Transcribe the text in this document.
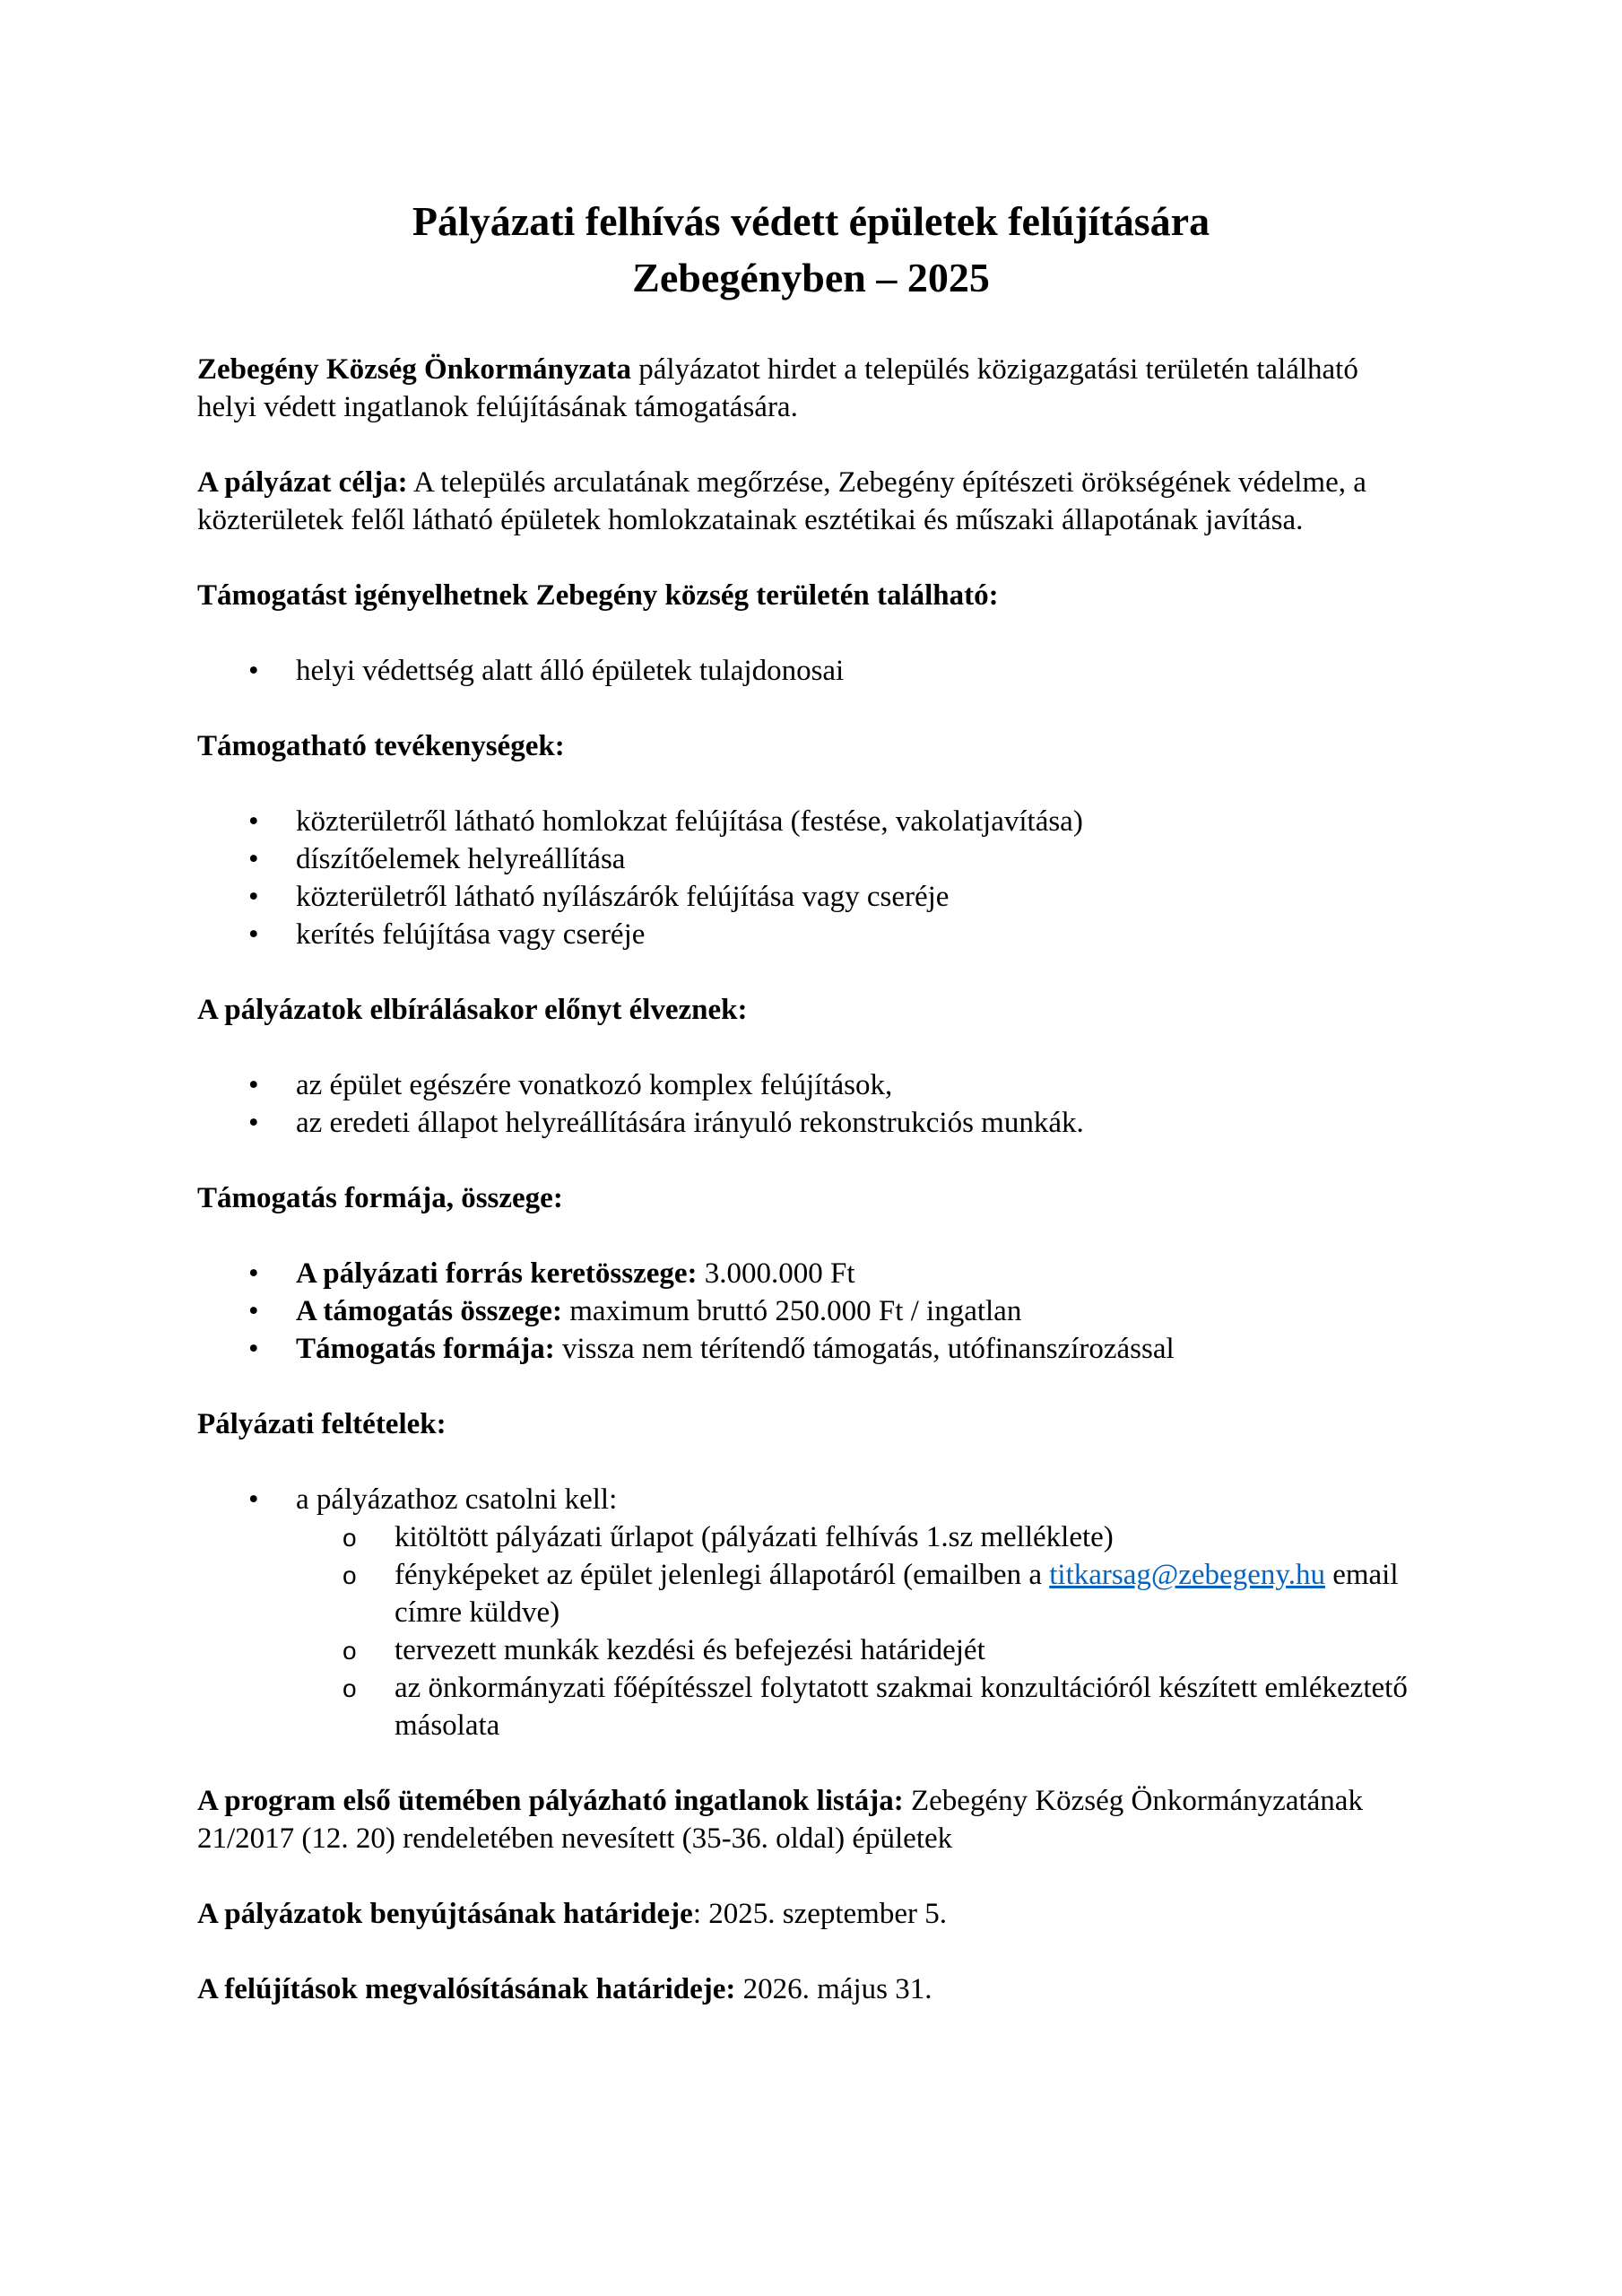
Pályázati felhívás védett épületek felújítására
Zebegényben – 2025

Zebegény Község Önkormányzata pályázatot hirdet a település közigazgatási területén található helyi védett ingatlanok felújításának támogatására.

A pályázat célja: A település arculatának megőrzése, Zebegény építészeti örökségének védelme, a közterületek felől látható épületek homlokzatainak esztétikai és műszaki állapotának javítása.

Támogatást igényelhetnek Zebegény község területén található:

• helyi védettség alatt álló épületek tulajdonosai

Támogatható tevékenységek:

• közterületről látható homlokzat felújítása (festése, vakolatjavítása)
• díszítőelemek helyreállítása
• közterületről látható nyílászárók felújítása vagy cseréje
• kerítés felújítása vagy cseréje

A pályázatok elbírálásakor előnyt élveznek:

• az épület egészére vonatkozó komplex felújítások,
• az eredeti állapot helyreállítására irányuló rekonstrukciós munkák.

Támogatás formája, összege:

• A pályázati forrás keretösszege: 3.000.000 Ft
• A támogatás összege: maximum bruttó 250.000 Ft / ingatlan
• Támogatás formája: vissza nem térítendő támogatás, utófinanszírozással

Pályázati feltételek:

• a pályázathoz csatolni kell:
o kitöltött pályázati űrlapot (pályázati felhívás 1.sz melléklete)
o fényképeket az épület jelenlegi állapotáról (emailben a titkarsag@zebegeny.hu email címre küldve)
o tervezett munkák kezdési és befejezési határidejét
o az önkormányzati főépítésszel folytatott szakmai konzultációról készített emlékeztető másolata

A program első ütemében pályázható ingatlanok listája: Zebegény Község Önkormányzatának 21/2017 (12. 20) rendeletében nevesített (35-36. oldal) épületek

A pályázatok benyújtásának határideje: 2025. szeptember 5.

A felújítások megvalósításának határideje: 2026. május 31.
